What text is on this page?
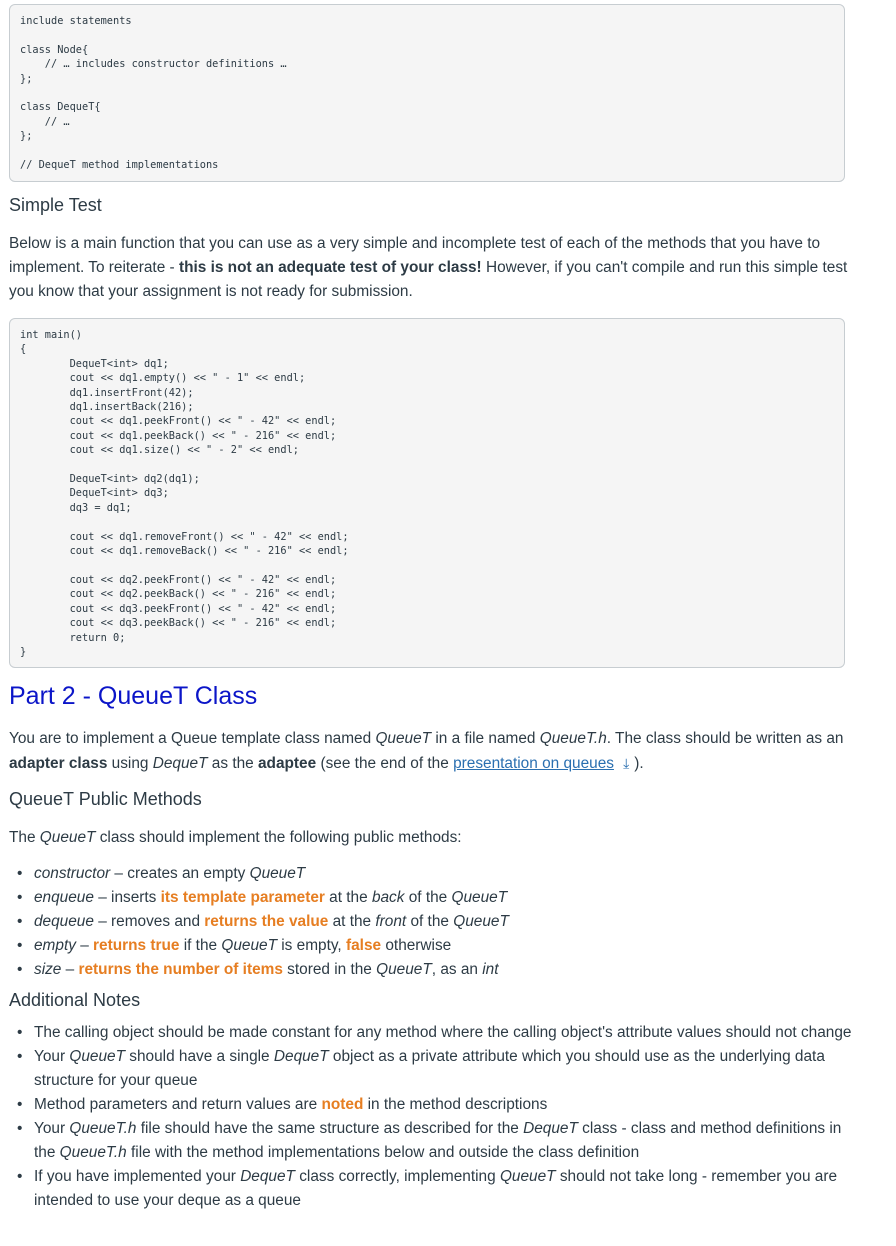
include statements

class Node{
// … includes constructor definitions …
};

class DequeT{
// …
};

// DequeT method implementations
Simple Test

Below is a main function that you can use as a very simple and incomplete test of each of the methods that you have to implement. To reiterate - this is not an adequate test of your class! However, if you can't compile and run this simple test you know that your assignment is not ready for submission.

int main()
{
DequeT<int> dq1;
cout << dq1.empty() << " - 1" << endl;
dq1.insertFront(42);
dq1.insertBack(216);
cout << dq1.peekFront() << " - 42" << endl;
cout << dq1.peekBack() << " - 216" << endl;
cout << dq1.size() << " - 2" << endl;

DequeT<int> dq2(dq1);
DequeT<int> dq3;
dq3 = dq1;

cout << dq1.removeFront() << " - 42" << endl;
cout << dq1.removeBack() << " - 216" << endl;

cout << dq2.peekFront() << " - 42" << endl;
cout << dq2.peekBack() << " - 216" << endl;
cout << dq3.peekFront() << " - 42" << endl;
cout << dq3.peekBack() << " - 216" << endl;
return 0;
}
Part 2 - QueueT Class

You are to implement a Queue template class named QueueT in a file named QueueT.h. The class should be written as an adapter class using DequeT as the adaptee (see the end of the presentation on queues ⤓ ).

QueueT Public Methods

The QueueT class should implement the following public methods:

• constructor – creates an empty QueueT
• enqueue – inserts its template parameter at the back of the QueueT
• dequeue – removes and returns the value at the front of the QueueT
• empty – returns true if the QueueT is empty, false otherwise
• size – returns the number of items stored in the QueueT, as an int
Additional Notes
• The calling object should be made constant for any method where the calling object's attribute values should not change
• Your QueueT should have a single DequeT object as a private attribute which you should use as the underlying data structure for your queue
• Method parameters and return values are noted in the method descriptions
• Your QueueT.h file should have the same structure as described for the DequeT class - class and method definitions in the QueueT.h file with the method implementations below and outside the class definition
• If you have implemented your DequeT class correctly, implementing QueueT should not take long - remember you are intended to use your deque as a queue
